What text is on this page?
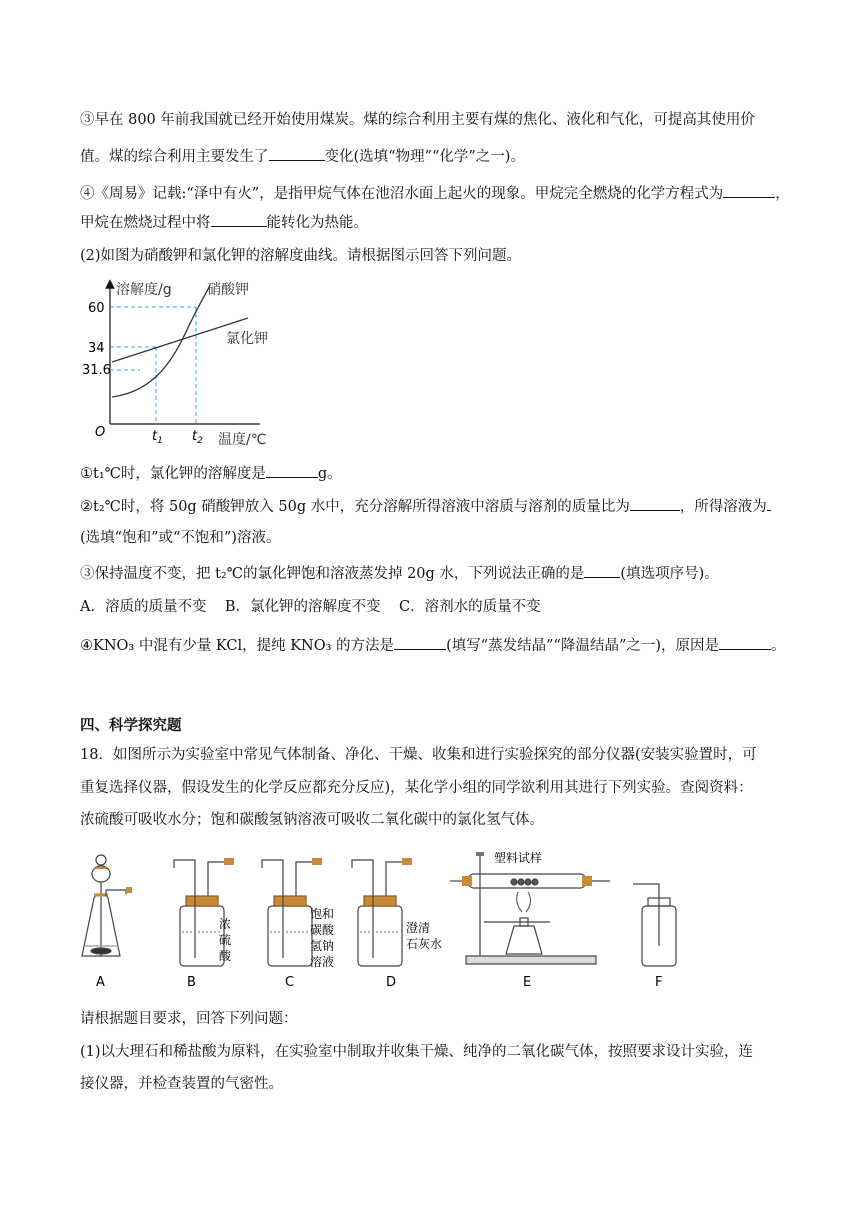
③早在 800 年前我国就已经开始使用煤炭。煤的综合利用主要有煤的焦化、液化和气化，可提高其使用价
值。煤的综合利用主要发生了	变化(选填“物理”“化学”之一)。
④《周易》记载:“泽中有火”，是指甲烷气体在池沼水面上起火的现象。甲烷完全燃烧的化学方程式为	，
甲烷在燃烧过程中将	能转化为热能。
(2)如图为硝酸钾和氯化钾的溶解度曲线。请根据图示回答下列问题。
溶解度/g
温度/℃
O
60
34
31.6
硝酸钾
氯化钾
$t_1$ $t_2$
①t₁℃时，氯化钾的溶解度是	g。
②t₂℃时，将 50g 硝酸钾放入 50g 水中，充分溶解所得溶液中溶质与溶剂的质量比为	，所得溶液为
(选填“饱和”或“不饱和”)溶液。
③保持温度不变，把 t₂℃的氯化钾饱和溶液蒸发掉 20g 水，下列说法正确的是 (填选项序号)。
A．溶质的质量不变    B．氯化钾的溶解度不变    C．溶剂水的质量不变
④KNO₃ 中混有少量 KCl，提纯 KNO₃ 的方法是	(填写“蒸发结晶”“降温结晶”之一)，原因是	。
四、科学探究题
18．如图所示为实验室中常见气体制备、净化、干燥、收集和进行实验探究的部分仪器(安装实验置时，可
重复选择仪器，假设发生的化学反应都充分反应)，某化学小组的同学欲利用其进行下列实验。查阅资料：
浓硫酸可吸收水分；饱和碳酸氢钠溶液可吸收二氧化碳中的氯化氢气体。
A	B	C	D	E	F
浓
硫
酸
饱和
碳酸
氢钠
溶液
澄清
石灰水
塑料试样
请根据题目要求，回答下列问题：
(1)以大理石和稀盐酸为原料，在实验室中制取并收集干燥、纯净的二氧化碳气体，按照要求设计实验，连
接仪器，并检查装置的气密性。
